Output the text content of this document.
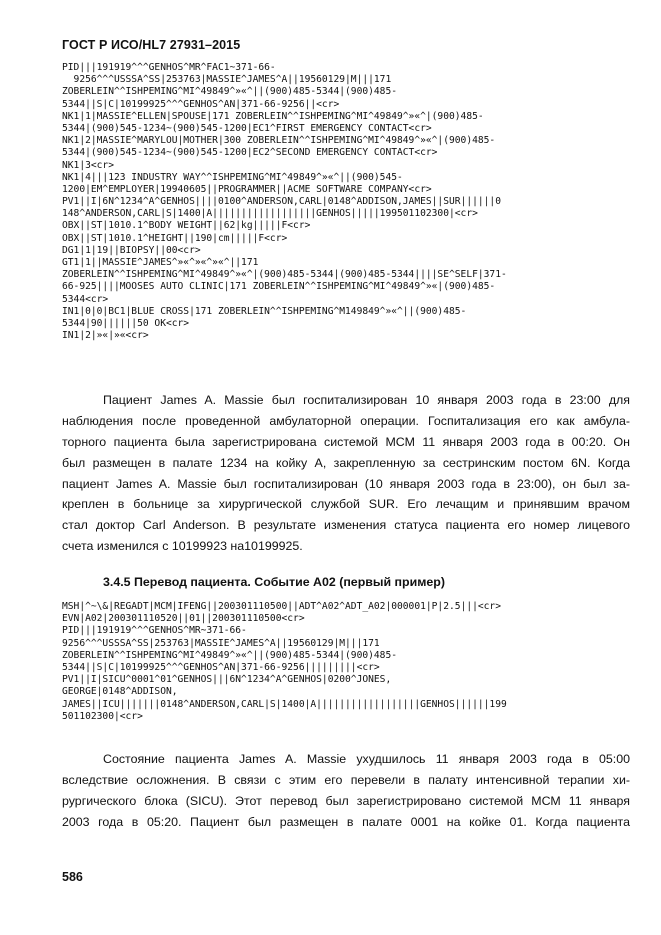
ГОСТ Р ИСО/HL7 27931–2015
PID|||191919^^^GENHOS^MR^FAC1~371-66-
9256^^^USSSA^SS|253763|MASSIE^JAMES^A||19560129|M|||171
ZOBERLEIN^^ISHPEMING^MI^49849^»«^||(900)485-5344|(900)485-
5344||S|C|10199925^^^GENHOS^AN|371-66-9256||<cr>
NK1|1|MASSIE^ELLEN|SPOUSE|171 ZOBERLEIN^^ISHPEMING^MI^49849^»«^|(900)485-
5344|(900)545-1234~(900)545-1200|EC1^FIRST EMERGENCY CONTACT<cr>
NK1|2|MASSIE^MARYLOU|MOTHER|300 ZOBERLEIN^^ISHPEMING^MI^49849^»«^|(900)485-
5344|(900)545-1234~(900)545-1200|EC2^SECOND EMERGENCY CONTACT<cr>
NK1|3<cr>
NK1|4|||123 INDUSTRY WAY^^ISHPEMING^MI^49849^»«^||(900)545-
1200|EM^EMPLOYER|19940605||PROGRAMMER||ACME SOFTWARE COMPANY<cr>
PV1||I|6N^1234^A^GENHOS||||0100^ANDERSON,CARL|0148^ADDISON,JAMES||SUR||||||0
148^ANDERSON,CARL|S|1400|A||||||||||||||||||GENHOS|||||199501102300|<cr>
OBX||ST|1010.1^BODY WEIGHT||62|kg|||||F<cr>
OBX||ST|1010.1^HEIGHT||190|cm|||||F<cr>
DG1|1|19||BIOPSY||00<cr>
GT1|1||MASSIE^JAMES^»«^»«^»«^||171
ZOBERLEIN^^ISHPEMING^MI^49849^»«^|(900)485-5344|(900)485-5344||||SE^SELF|371-
66-925||||MOOSES AUTO CLINIC|171 ZOBERLEIN^^ISHPEMING^MI^49849^»«|(900)485-
5344<cr>
IN1|0|0|BC1|BLUE CROSS|171 ZOBERLEIN^^ISHPEMING^M149849^»«^||(900)485-
5344|90||||||50 OK<cr>
IN1|2|»«|»«<cr>
Пациент James A. Massie был госпитализирован 10 января 2003 года в 23:00 для
наблюдения после проведенной амбулаторной операции. Госпитализация его как амбула-
торного пациента была зарегистрирована системой МСМ 11 января 2003 года в 00:20. Он
был размещен в палате 1234 на койку А, закрепленную за сестринским постом 6N. Когда
пациент James A. Massie был госпитализирован (10 января 2003 года в 23:00), он был за-
креплен в больнице за хирургической службой SUR. Его лечащим и принявшим врачом
стал доктор Carl Anderson. В результате изменения статуса пациента его номер лицевого
счета изменился с 10199923 на10199925.
3.4.5 Перевод пациента. Событие А02 (первый пример)
MSH|^~\&|REGADT|MCM|IFENG||200301110500||ADT^A02^ADT_A02|000001|P|2.5|||<cr>
EVN|A02|200301110520||01||200301110500<cr>
PID|||191919^^^GENHOS^MR~371-66-
9256^^^USSSA^SS|253763|MASSIE^JAMES^A||19560129|M|||171
ZOBERLEIN^^ISHPEMING^MI^49849^»«^||(900)485-5344|(900)485-
5344||S|C|10199925^^^GENHOS^AN|371-66-9256|||||||||<cr>
PV1||I|SICU^0001^01^GENHOS|||6N^1234^A^GENHOS|0200^JONES,
GEORGE|0148^ADDISON,
JAMES||ICU|||||||0148^ANDERSON,CARL|S|1400|A||||||||||||||||||GENHOS||||||199
501102300|<cr>
Состояние пациента James A. Massie ухудшилось 11 января 2003 года в 05:00
вследствие осложнения. В связи с этим его перевели в палату интенсивной терапии хи-
рургического блока (SICU). Этот перевод был зарегистрировано системой МСМ 11 января
2003 года в 05:20. Пациент был размещен в палате 0001 на койке 01. Когда пациента
586
